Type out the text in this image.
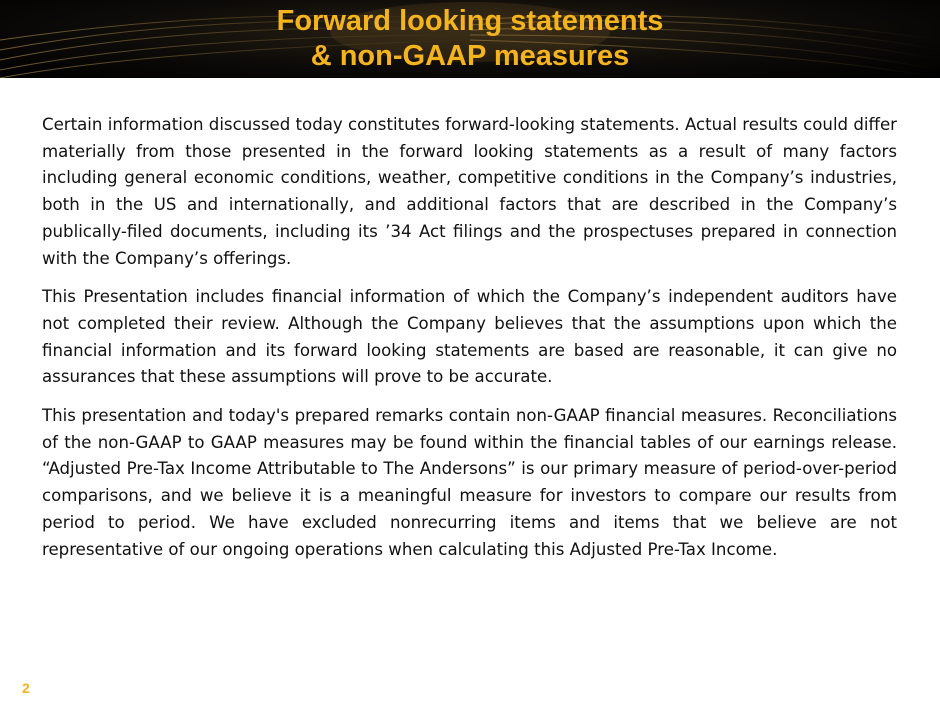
Forward looking statements
& non-GAAP measures

Certain information discussed today constitutes forward-looking statements. Actual results could differ materially from those presented in the forward looking statements as a result of many factors including general economic conditions, weather, competitive conditions in the Company’s industries, both in the US and internationally, and additional factors that are described in the Company’s publically-filed documents, including its ’34 Act filings and the prospectuses prepared in connection with the Company’s offerings.

This Presentation includes financial information of which the Company’s independent auditors have not completed their review. Although the Company believes that the assumptions upon which the financial information and its forward looking statements are based are reasonable, it can give no assurances that these assumptions will prove to be accurate.

This presentation and today's prepared remarks contain non-GAAP financial measures. Reconciliations of the non-GAAP to GAAP measures may be found within the financial tables of our earnings release. “Adjusted Pre-Tax Income Attributable to The Andersons” is our primary measure of period-over-period comparisons, and we believe it is a meaningful measure for investors to compare our results from period to period. We have excluded nonrecurring items and items that we believe are not representative of our ongoing operations when calculating this Adjusted Pre-Tax Income.

2
